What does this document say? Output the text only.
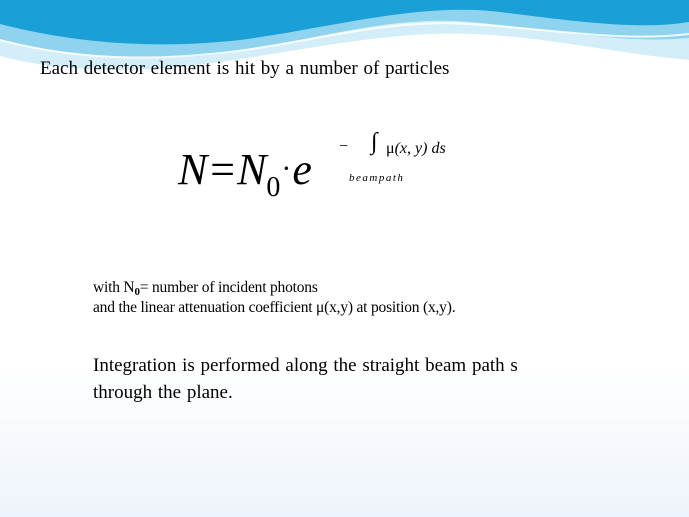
Each detector element is hit by a number of particles
$N=N_0\cdot e$ − ∫ μ(x, y) ds
beampath
with $N_0=$ number of incident photons
and the linear attenuation coefficient μ(x,y) at position (x,y).
Integration is performed along the straight beam path s
through the plane.
